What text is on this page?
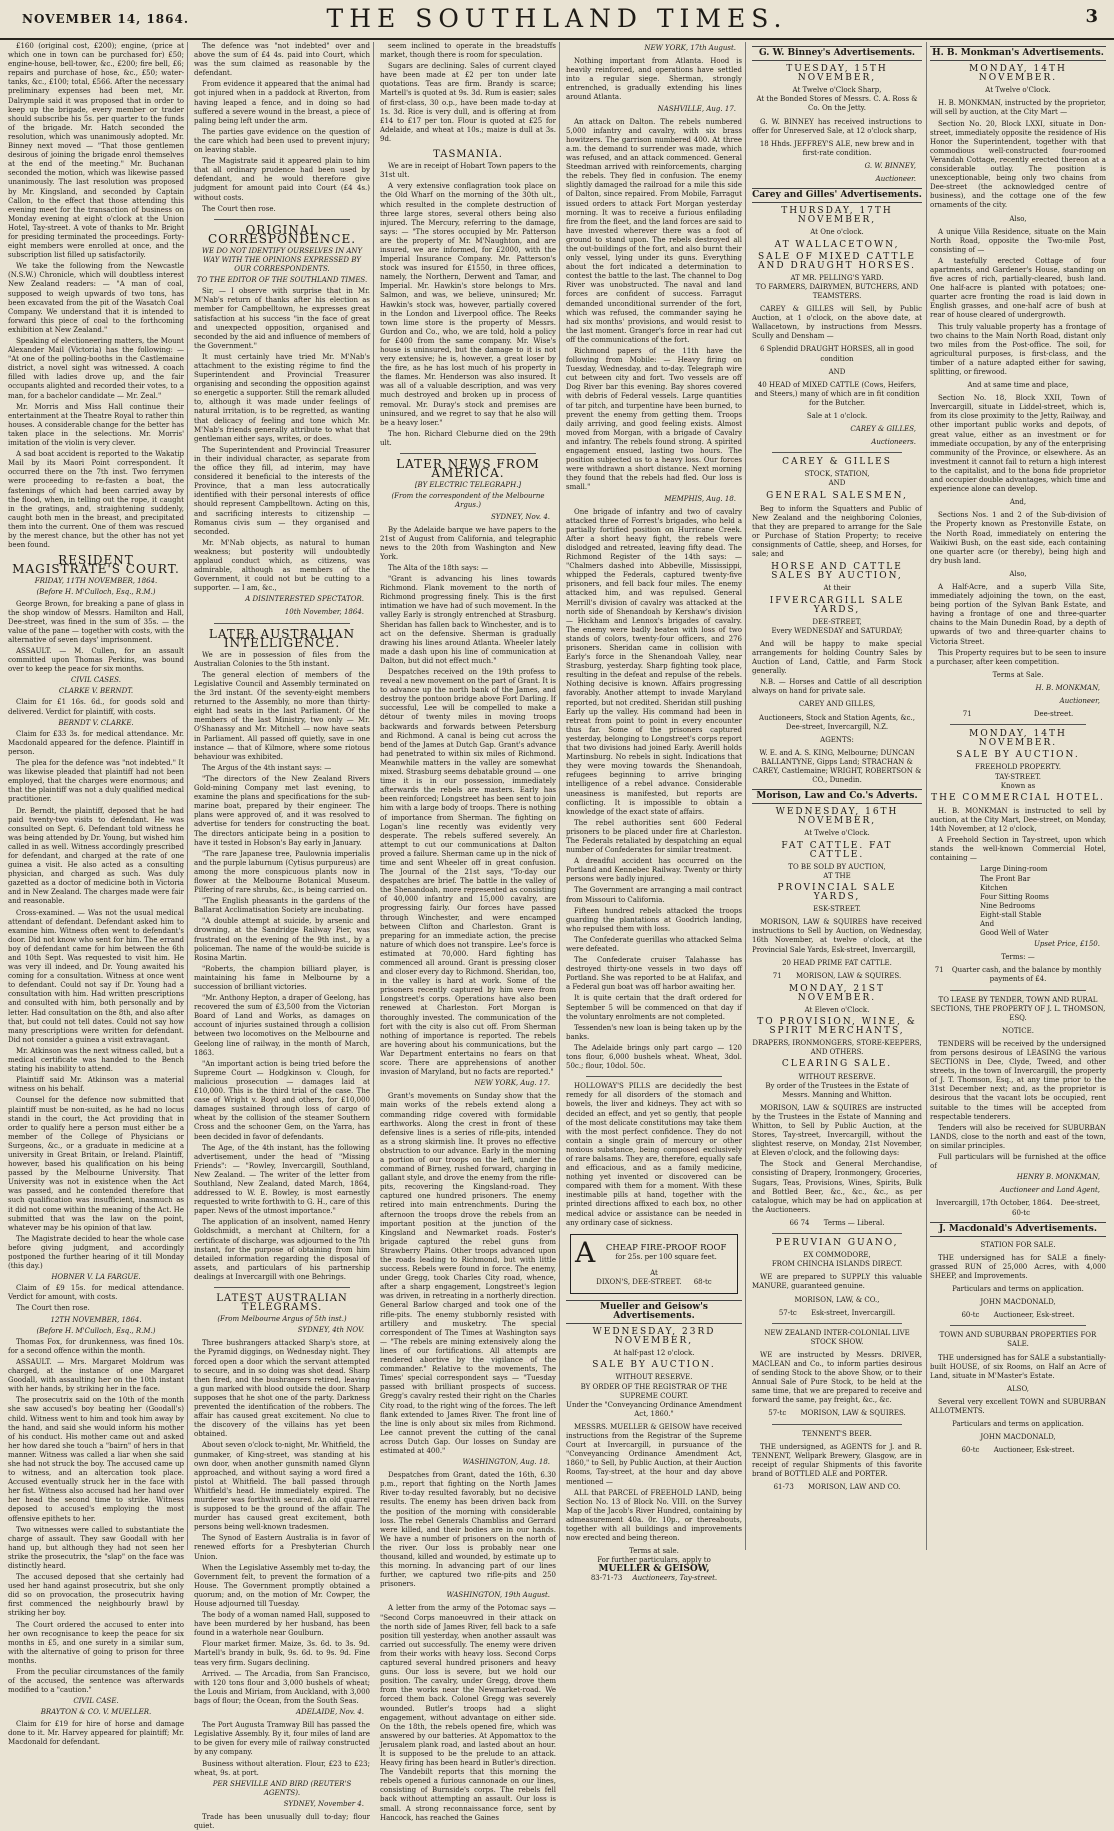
NOVEMBER 14, 1864.	THE SOUTHLAND TIMES.	3

£160 (original cost, £200); engine, (price at which one in town can be purchased for) £50; engine-house, bell-tower, &c., £200; fire bell, £6; repairs and purchase of hose, &c., £50; water-tanks, &c., £100; total, £566. After the necessary preliminary expenses had been met, Mr. Dalrymple said it was proposed that in order to keep up the brigade, every member or trader should subscribe his 5s. per quarter to the funds of the brigade. Mr. Hatch seconded the resolution, which was unanimously adopted. Mr. Binney next moved — "That those gentlemen desirous of joining the brigade enrol themselves at the end of the meeting." Mr. Buchanan seconded the motion, which was likewise passed unanimously. The last resolution was proposed by Mr. Kingsland, and seconded by Captain Callon, to the effect that those attending this evening meet for the transaction of business on Monday evening at eight o'clock at the Union Hotel, Tay-street. A vote of thanks to Mr. Bright for presiding terminated the proceedings. Forty-eight members were enrolled at once, and the subscription list filled up satisfactorily.

We take the following from the Newcastle (N.S.W.) Chronicle, which will doubtless interest New Zealand readers: — "A man of coal, supposed to weigh upwards of two tons, has been excavated from the pit of the Wasatch Coal Company. We understand that it is intended to forward this piece of coal to the forthcoming exhibition at New Zealand."

Speaking of electioneering matters, the Mount Alexander Mail (Victoria) has the following: — "At one of the polling-booths in the Castlemaine district, a novel sight was witnessed. A coach filled with ladies drove up, and the fair occupants alighted and recorded their votes, to a man, for a bachelor candidate — Mr. Zeal."

Mr. Morris and Miss Hall continue their entertainment at the Theatre Royal to rather thin houses. A considerable change for the better has taken place in the selections. Mr. Morris' imitation of the violin is very clever.

A sad boat accident is reported to the Wakatip Mail by its Maori Point correspondent. It occurred there on the 7th inst. Two ferrymen were proceeding to re-fasten a boat, the fastenings of which had been carried away by the flood, when, in telling out the rope, it caught in the gratings, and, straightening suddenly, caught both men in the breast, and precipitated them into the current. One of them was rescued by the merest chance, but the other has not yet been found.

RESIDENT MAGISTRATE'S COURT.
FRIDAY, 11TH NOVEMBER, 1864.
(Before H. M'Culloch, Esq., R.M.)

George Brown, for breaking a pane of glass in the shop window of Messrs. Hamilton and Hall, Dee-street, was fined in the sum of 35s. — the value of the pane — together with costs, with the alternative of seven days' imprisonment.

ASSAULT. — M. Cullen, for an assault committed upon Thomas Perkins, was bound over to keep the peace for six months.

CIVIL CASES.
CLARKE V. BERNDT.

Claim for £1 16s. 6d., for goods sold and delivered. Verdict for plaintiff, with costs.

BERNDT V. CLARKE.

Claim for £33 3s. for medical attendance. Mr. Macdonald appeared for the defence. Plaintiff in person.

The plea for the defence was "not indebted." It was likewise pleaded that plaintiff had not been employed, that the charges were enormous; and that the plaintiff was not a duly qualified medical practitioner.

Dr. Berndt, the plaintiff, deposed that he had paid twenty-two visits to defendant. He was consulted on Sept. 6. Defendant told witness he was being attended by Dr. Young, but wished him called in as well. Witness accordingly prescribed for defendant, and charged at the rate of one guinea a visit. He also acted as a consulting physician, and charged as such. Was duly gazetted as a doctor of medicine both in Victoria and in New Zealand. The charges made were fair and reasonable.

Cross-examined. — Was not the usual medical attendant of defendant. Defendant asked him to examine him. Witness often went to defendant's door. Did not know who sent for him. The errand boy of defendant came for him between the 6th and 10th Sept. Was requested to visit him. He was very ill indeed, and Dr. Young awaited his coming for a consultation. Witness at once went to defendant. Could not say if Dr. Young had a consultation with him. Had written prescriptions and consulted with him, both personally and by letter. Had consultation on the 8th, and also after that, but could not tell dates. Could not say how many prescriptions were written for defendant. Did not consider a guinea a visit extravagant.

Mr. Atkinson was the next witness called, but a medical certificate was handed to the Bench stating his inability to attend.

Plaintiff said Mr. Atkinson was a material witness on his behalf.

Counsel for the defence now submitted that plaintiff must be non-suited, as he had no locus standi in the court, the Act providing that in order to qualify here a person must either be a member of the College of Physicians or Surgeons, &c., or a graduate in medicine at a university in Great Britain, or Ireland. Plaintiff, however, based his qualification on his being passed by the Melbourne University. That University was not in existence when the Act was passed, and he contended therefore that such qualification was insufficient, inasmuch as it did not come within the meaning of the Act. He submitted that was the law on the point, whatever may be his opinion of that law.

The Magistrate decided to hear the whole case before giving judgment, and accordingly postponed the further hearing of it till Monday (this day.)

HOBNER V. LA FARGUE.

Claim of £9 15s. for medical attendance. Verdict for amount, with costs.

The Court then rose.

12TH NOVEMBER, 1864.
(Before H. M'Culloch, Esq., R.M.)

Thomas Fox, for drunkenness, was fined 10s. for a second offence within the month.

ASSAULT. — Mrs. Margaret Moldrum was charged, at the instance of one Margaret Goodall, with assaulting her on the 10th instant with her hands, by striking her in the face.

The prosecutrix said on the 10th of the month she saw accused's boy beating her (Goodall's) child. Witness went to him and took him away by the hand, and said she would inform his mother of his conduct. His mother came out and asked her how dared she touch a "bairn" of hers in that manner. Witness was called a liar when she said she had not struck the boy. The accused came up to witness, and an altercation took place. Accused eventually struck her in the face with her fist. Witness also accused had her hand over her head the second time to strike. Witness deposed to accused's employing the most offensive epithets to her.

Two witnesses were called to substantiate the charge of assault. They saw Goodall with her hand up, but although they had not seen her strike the prosecutrix, the "slap" on the face was distinctly heard.

The accused deposed that she certainly had used her hand against prosecutrix, but she only did so on provocation, the prosecutrix having first commenced the neighbourly brawl by striking her boy.

The Court ordered the accused to enter into her own recognisance to keep the peace for six months in £5, and one surety in a similar sum, with the alternative of going to prison for three months.

From the peculiar circumstances of the family of the accused, the sentence was afterwards modified to a "caution."

CIVIL CASE.
BRAYTON & CO. V. MUELLER.

Claim for £19 for hire of horse and damage done to it. Mr. Harvey appeared for plaintiff; Mr. Macdonald for defendant.

The defence was "not indebted" over and above the sum of £4 4s. paid into Court, which was the sum claimed as reasonable by the defendant.

From evidence it appeared that the animal had got injured when in a paddock at Riverton, from having leaped a fence, and in doing so had suffered a severe wound in the breast, a piece of paling being left under the arm.

The parties gave evidence on the question of the care which had been used to prevent injury; on leaving stable.

The Magistrate said it appeared plain to him that all ordinary prudence had been used by defendant, and he would therefore give judgment for amount paid into Court (£4 4s.) without costs.

The Court then rose.

ORIGINAL CORRESPONDENCE.
WE DO NOT IDENTIFY OURSELVES IN ANY WAY WITH THE OPINIONS EXPRESSED BY OUR CORRESPONDENTS.
TO THE EDITOR OF THE SOUTHLAND TIMES.

Sir, — I observe with surprise that in Mr. M'Nab's return of thanks after his election as member for Campbelltown, he expresses great satisfaction at his success "in the face of great and unexpected opposition, organised and seconded by the aid and influence of members of the Government."

It must certainly have tried Mr. M'Nab's attachment to the existing régime to find the Superintendent and Provincial Treasurer organising and seconding the opposition against so energetic a supporter. Still the remark alluded to, although it was made under feelings of natural irritation, is to be regretted, as wanting that delicacy of feeling and tone which Mr. M'Nab's friends generally attribute to what that gentleman either says, writes, or does.

The Superintendent and Provincial Treasurer in their individual character, as separate from the office they fill, ad interim, may have considered it beneficial to the interests of the Province, that a man less autocratically identified with their personal interests of office should represent Campbelltown. Acting on this, and sacrificing interests to citizenship — Romanus civis sum — they organised and seconded.

Mr. M'Nab objects, as natural to human weakness; but posterity will undoubtedly applaud conduct which, as citizens, was admirable, although as members of the Government, it could not but be cutting to a supporter. — I am, &c.,

A DISINTERESTED SPECTATOR.
10th November, 1864.
LATER AUSTRALIAN INTELLIGENCE.

We are in possession of files from the Australian Colonies to the 5th instant.

The general election of members of the Legislative Council and Assembly terminated on the 3rd instant. Of the seventy-eight members returned to the Assembly, no more than thirty-eight had seats in the last Parliament. Of the members of the last Ministry, two only — Mr. O'Shanassy and Mr. Mitchell — now have seats in Parliament. All passed off quietly, save in one instance — that of Kilmore, where some riotous behaviour was exhibited.

The Argus of the 4th instant says: —

"The directors of the New Zealand Rivers Gold-mining Company met last evening, to examine the plans and specifications for the sub-marine boat, prepared by their engineer. The plans were approved of, and it was resolved to advertise for tenders for constructing the boat. The directors anticipate being in a position to have it tested in Hobson's Bay early in January.

"The rare Japanese tree, Paulownia imperialis and the purple laburnum (Cytisus purpureus) are among the more conspicuous plants now in flower at the Melbourne Botanical Museum. Pilfering of rare shrubs, &c., is being carried on.

"The English pheasants in the gardens of the Ballarat Acclimatisation Society are incubating.

"A double attempt at suicide, by arsenic and drowning, at the Sandridge Railway Pier, was frustrated on the evening of the 9th inst., by a policeman. The name of the would-be suicide is Rosina Martin.

"Roberts, the champion billiard player, is maintaining his fame in Melbourne by a succession of brilliant victories.

"Mr. Anthony Hepton, a draper of Geelong, has recovered the sum of £3,500 from the Victorian Board of Land and Works, as damages on account of injuries sustained through a collision between two locomotives on the Melbourne and Geelong line of railway, in the month of March, 1863.

"An important action is being tried before the Supreme Court — Hodgkinson v. Clough, for malicious prosecution — damages laid at £10,000. This is the third trial of the case. The case of Wright v. Boyd and others, for £10,000 damages sustained through loss of cargo of wheat by the collision of the steamer Southern Cross and the schooner Gem, on the Yarra, has been decided in favor of defendants.

The Age, of the 4th instant, has the following advertisement, under the head of "Missing Friends": — "Rowley, Invercargill, Southland, New Zealand. — The writer of the letter from Southland, New Zealand, dated March, 1864, addressed to W. E. Bowley, is most earnestly requested to write forthwith to G. H., care of this paper. News of the utmost importance."

The application of an insolvent, named Henry Goldschmidt, a merchant at Chiltern, for a certificate of discharge, was adjourned to the 7th instant, for the purpose of obtaining from him detailed information regarding the disposal of assets, and particulars of his partnership dealings at Invercargill with one Behrings.

LATEST AUSTRALIAN TELEGRAMS.
(From Melbourne Argus of 5th inst.)
SYDNEY, 4th NOV.

Three bushrangers attacked Sharp's store, at the Pyramid diggings, on Wednesday night. They forced open a door which the servant attempted to secure, and in so doing was shot dead. Sharp then fired, and the bushrangers retired, leaving a gun marked with blood outside the door. Sharp supposes that he shot one of the party. Darkness prevented the identification of the robbers. The affair has caused great excitement. No clue to the discovery of the villains has yet been obtained.

About seven o'clock to-night, Mr. Whitfield, the gunmaker, of King-street, was standing at his own door, when another gunsmith named Glynn approached, and without saying a word fired a pistol at Whitfield. The ball passed through Whitfield's head. He immediately expired. The murderer was forthwith secured. An old quarrel is supposed to be the ground of the affair. The murder has caused great excitement, both persons being well-known tradesmen.

The Synod of Eastern Australia is in favor of renewed efforts for a Presbyterian Church Union.

When the Legislative Assembly met to-day, the Government felt, to prevent the formation of a House. The Government promptly obtained a quorum; and, on the motion of Mr. Cowper, the House adjourned till Tuesday.

The body of a woman named Hall, supposed to have been murdered by her husband, has been found in a waterhole near Goulburn.

Flour market firmer. Maize, 3s. 6d. to 3s. 9d. Martell's brandy in bulk, 9s. 6d. to 9s. 9d. Fine teas very firm. Sugars declining.

Arrived. — The Arcadia, from San Francisco, with 120 tons flour and 3,000 bushels of wheat; the Louis and Miriam, from Auckland, with 3,000 bags of flour; the Ocean, from the South Seas.

ADELAIDE, Nov. 4.

The Port Augusta Tramway Bill has passed the Legislative Assembly. By it, four miles of land are to be given for every mile of railway constructed by any company.

Business without alteration. Flour, £23 to £23; wheat, 9s. at port.

PER SHEVILLE AND BIRD (REUTER'S AGENTS).
SYDNEY, November 4.

Trade has been unusually dull to-day; flour quiet.

seem inclined to operate in the breadstuffs market, though there is room for speculation.

Sugars are declining. Sales of current clayed have been made at £2 per ton under late quotations. Teas are firm. Brandy is scarce; Martell's is quoted at 9s. 3d. Rum is easier; sales of first-class, 30 o.p., have been made to-day at 1s. 3d. Rice is very dull, and is offering at from £14 to £17 per ton. Flour is quoted at £25 for Adelaide, and wheat at 10s.; maize is dull at 3s. 9d.

TASMANIA.

We are in receipt of Hobart Town papers to the 31st ult.

A very extensive conflagration took place on the Old Wharf on the morning of the 30th ult., which resulted in the complete destruction of three large stores, several others being also injured. The Mercury, referring to the damage, says: — "The stores occupied by Mr. Patterson are the property of Mr. M'Naughton, and are insured, we are informed, for £2000, with the Imperial Insurance Company. Mr. Patterson's stock was insured for £1550, in three offices, namely, the Northern, Derwent and Tamar, and Imperial. Mr. Hawkin's store belongs to Mrs. Salmon, and was, we believe, uninsured; Mr. Hawkin's stock was, however, partially covered in the London and Liverpool office. The Reeks town lime store is the property of Messrs. Gurdon and Co., who, we are told, hold a policy for £400 from the same company. Mr. Wise's house is uninsured, but the damage to it is not very extensive; he is, however, a great loser by the fire, as he has lost much of his property in the flames. Mr. Henderson was also insured. It was all of a valuable description, and was very much destroyed and broken up in process of removal. Mr. Duray's stock and premises are uninsured, and we regret to say that he also will be a heavy loser."

The hon. Richard Cleburne died on the 29th ult.

LATER NEWS FROM AMERICA.
[BY ELECTRIC TELEGRAPH.]
(From the correspondent of the Melbourne Argus.)
SYDNEY, Nov. 4.

By the Adelaide barque we have papers to the 21st of August from California, and telegraphic news to the 20th from Washington and New York.

The Alta of the 18th says: —

"Grant is advancing his lines towards Richmond. Flank movement to the north of Richmond progressing finely. This is the first intimation we have had of such movement. In the valley Early is strongly entrenched at Strasburg. Sheridan has fallen back to Winchester, and is to act on the defensive. Sherman is gradually drawing his lines around Atlanta. Wheeler lately made a dash upon his line of communication at Dalton, but did not effect much."

Despatches received on the 19th profess to reveal a new movement on the part of Grant. It is to advance up the north bank of the James, and destroy the pontoon bridge above Fort Darling. If successful, Lee will be compelled to make a détour of twenty miles in moving troops backwards and forwards between Petersburg and Richmond. A canal is being cut across the bend of the James at Dutch Gap. Grant's advance had penetrated to within six miles of Richmond. Meanwhile matters in the valley are somewhat mixed. Strasburg seems debatable ground — one time it is in our possession, immediately afterwards the rebels are masters. Early has been reinforced; Longstreet has been sent to join him with a large body of troops. There is nothing of importance from Sherman. The fighting on Logan's line recently was evidently very desperate. The rebels suffered severely. An attempt to cut our communications at Dalton proved a failure. Sherman came up in the nick of time and sent Wheeler off in great confusion. The Journal of the 21st says, "To-day our despatches are brief. The battle in the valley of the Shenandoah, more represented as consisting of 40,000 infantry and 15,000 cavalry, are progressing fairly. Our forces have passed through Winchester, and were encamped between Clifton and Charleston. Grant is preparing for an immediate action, the precise nature of which does not transpire. Lee's force is estimated at 70,000. Hard fighting has commenced all around. Grant is pressing closer and closer every day to Richmond. Sheridan, too, in the valley is hard at work. Some of the prisoners recently captured by him were from Longstreet's corps. Operations have also been renewed at Charleston. Fort Morgan is thoroughly invested. The communication of the fort with the city is also cut off. From Sherman nothing of importance is reported. The rebels are hovering about his communications, but the War Department entertains no fears on that score. There are apprehensions of another invasion of Maryland, but no facts are reported."

NEW YORK, Aug. 17.

Grant's movements on Sunday show that the main works of the rebels extend along a commanding ridge covered with formidable earthworks. Along the crest in front of these defensive lines is a series of rifle-pits, intended as a strong skirmish line. It proves no effective obstruction to our advance. Early in the morning a portion of our troops on the left, under the command of Birney, rushed forward, charging in gallant style, and drove the enemy from the rifle-pits, recovering the Kingsland-road. They captured one hundred prisoners. The enemy retired into main entrenchments. During the afternoon the troops drove the rebels from an important position at the junction of the Kingsland and Newmarket roads. Foster's brigade captured the rebel guns from Strawberry Plains. Other troops advanced upon the roads leading to Richmond, but with little success. Rebels were found in force. The enemy, under Gregg, took Charles City road, whence, after a sharp engagement, Longstreet's legion was driven, in retreating in a northerly direction. General Barlow charged and took one of the rifle-pits. The enemy stubbornly resisted with artillery and musketry. The special correspondent of The Times at Washington says — "The rebels are mining extensively along the lines of our fortifications. All attempts are rendered abortive by the vigilance of the commander." Relative to the movements, The Times' special correspondent says — "Tuesday passed with brilliant prospects of success. Gregg's cavalry rested their right on the Charles City road, to the right wing of the forces. The left flank extended to James River. The front line of the line is only about six miles from Richmond. Lee cannot prevent the cutting of the canal across Dutch Gap. Our losses on Sunday are estimated at 400."

WASHINGTON, Aug. 18.

Despatches from Grant, dated the 16th, 6.30 p.m., report that fighting on the North James River to-day resulted favorably, but no decisive results. The enemy has been driven back from the position of the morning with considerable loss. The rebel Generals Chambliss and Gerrard were killed, and their bodies are in our hands. We have a number of prisoners on the north of the river. Our loss is probably near one thousand, killed and wounded, by estimate up to this morning. In advancing part of our lines further, we captured two rifle-pits and 250 prisoners.

WASHINGTON, 19th August.

A letter from the army of the Potomac says — "Second Corps manoeuvred in their attack on the north side of James River, fell back to a safe position till yesterday, when another assault was carried out successfully. The enemy were driven from their works with heavy loss. Second Corps captured several hundred prisoners and heavy guns. Our loss is severe, but we hold our position. The cavalry, under Gregg, drove them from the works near the Newmarket-road. We forced them back. Colonel Gregg was severely wounded. Butler's troops had a slight engagement, without advantage on either side. On the 18th, the rebels opened fire, which was answered by our batteries. At Appomattox to the Jerusalem plank road, and lasted about an hour. It is supposed to be the prelude to an attack. Heavy firing has been heard in Butler's direction. The Vandebilt reports that this morning the rebels opened a furious cannonade on our lines, consisting of Burnside's corps. The rebels fell back without attempting an assault. Our loss is small. A strong reconnaissance force, sent by Hancock, has reached the Gaines

NEW YORK, 17th August.

Nothing important from Atlanta. Hood is heavily reinforced, and operations have settled into a regular siege. Sherman, strongly entrenched, is gradually extending his lines around Atlanta.

NASHVILLE, Aug. 17.

An attack on Dalton. The rebels numbered 5,000 infantry and cavalry, with six brass howitzers. The garrison numbered 400. At three a.m. the demand to surrender was made, which was refused, and an attack commenced. General Steedman arrived with reinforcements, charging the rebels. They fled in confusion. The enemy slightly damaged the railroad for a mile this side of Dalton, since repaired. From Mobile, Farragut issued orders to attack Fort Morgan yesterday morning. It was to receive a furious enfilading fire from the fleet, and the land forces are said to have invested wherever there was a foot of ground to stand upon. The rebels destroyed all the out-buildings of the fort, and also burnt their only vessel, lying under its guns. Everything about the fort indicated a determination to contest the battle to the last. The channel to Dog River was unobstructed. The naval and land forces are confident of success. Farragut demanded unconditional surrender of the fort, which was refused, the commander saying he had six months' provisions, and would resist to the last moment. Granger's force in rear had cut off the communications of the fort.

Richmond papers of the 11th have the following from Mobile: — Heavy firing on Tuesday, Wednesday, and to-day. Telegraph wire cut between city and fort. Two vessels are off Dog River bar this evening. Bay shores covered with debris of Federal vessels. Large quantities of tar pitch, and turpentine have been burned, to prevent the enemy from getting them. Troops daily arriving, and good feeling exists. Almost moved from Morgan, with a brigade of Cavalry and infantry. The rebels found strong. A spirited engagement ensued, lasting two hours. The position subjected us to a heavy loss. Our forces were withdrawn a short distance. Next morning they found that the rebels had fled. Our loss is small."

MEMPHIS, Aug. 18.

One brigade of infantry and two of cavalry attacked three of Forrest's brigades, who held a partially fortified position on Hurricane Creek. After a short heavy fight, the rebels were dislodged and retreated, leaving fifty dead. The Richmond Register of the 14th says: — "Chalmers dashed into Abbeville, Mississippi, whipped the Federals, captured twenty-five prisoners, and fell back four miles. The enemy attacked him, and was repulsed. General Merrill's division of cavalry was attacked at the north side of Shenandoah by Kershaw's division — Hickham and Lennox's brigades of cavalry. The enemy were badly beaten with loss of two stands of colors, twenty-four officers, and 276 prisoners. Sheridan came in collision with Early's force in the Shenandoah Valley, near Strasburg, yesterday. Sharp fighting took place, resulting in the defeat and repulse of the rebels. Nothing decisive is known. Affairs progressing favorably. Another attempt to invade Maryland reported, but not credited. Sheridan still pushing Early up the valley. His command had been in retreat from point to point in every encounter thus far. Some of the prisoners captured yesterday, belonging to Longstreet's corps report that two divisions had joined Early. Averill holds Martinsburg. No rebels in sight. Indications that they were moving towards the Shenandoah, refugees beginning to arrive bringing intelligence of a rebel advance. Considerable uneasiness is manifested, but reports are conflicting. It is impossible to obtain a knowledge of the exact state of affairs.

The rebel authorities sent 600 Federal prisoners to be placed under fire at Charleston. The Federals retaliated by despatching an equal number of Confederates for similar treatment.

A dreadful accident has occurred on the Portland and Kennebec Railway. Twenty or thirty persons were badly injured.

The Government are arranging a mail contract from Missouri to California.

Fifteen hundred rebels attacked the troops guarding the plantations at Goodrich landing, who repulsed them with loss.

The Confederate guerillas who attacked Selma were defeated.

The Confederate cruiser Talahasse has destroyed thirty-one vessels in two days off Portland. She was reported to be at Halifax, and a Federal gun boat was off harbor awaiting her.

It is quite certain that the draft ordered for September 5 will be commenced on that day if the voluntary enrolments are not completed.

Tessenden's new loan is being taken up by the banks.

The Adelaide brings only part cargo — 120 tons flour, 6,000 bushels wheat. Wheat, 3dol. 50c.; flour, 10dol. 50c.

HOLLOWAY'S PILLS are decidedly the best remedy for all disorders of the stomach and bowels, the liver and kidneys. They act with so decided an effect, and yet so gently, that people of the most delicate constitutions may take them with the most perfect confidence. They do not contain a single grain of mercury or other noxious substance, being composed exclusively of rare balsams. They are, therefore, equally safe and efficacious, and as a family medicine, nothing yet invented or discovered can be compared with them for a moment. With these inestimable pills at hand, together with the printed directions affixed to each box, no other medical advice or assistance can be needed in any ordinary case of sickness.

A	CHEAP FIRE-PROOF ROOF
for 25s. per 100 square feet.
At
DIXON'S, DEE-STREET. 68-tc
Mueller and Geisow's Advertisements.
WEDNESDAY, 23RD NOVEMBER,
At half-past 12 o'clock.
SALE BY AUCTION.
WITHOUT RESERVE.
BY ORDER OF THE REGISTRAR OF THE SUPREME COURT.
Under the "Conveyancing Ordinance Amendment Act, 1860."

MESSRS. MUELLER & GEISOW have received instructions from the Registrar of the Supreme Court at Invercargill, in pursuance of the "Conveyancing Ordinance Amendment Act, 1860," to Sell, by Public Auction, at their Auction Rooms, Tay-street, at the hour and day above mentioned —

ALL that PARCEL of FREEHOLD LAND, being Section No. 13 of Block No. VIII. on the Survey Map of the Jacob's River Hundred, containing by admeasurement 40a. 0r. 10p., or thereabouts, together with all buildings and improvements now erected and being thereon.

Terms at sale.
For further particulars, apply to
MUELLER & GEISOW,
83-71-73 Auctioneers, Tay-street.
G. W. Binney's Advertisements.
TUESDAY, 15TH NOVEMBER,
At Twelve o'Clock Sharp,
At the Bonded Stores of Messrs. C. A. Ross & Co. On the Jetty.

G. W. BINNEY has received instructions to offer for Unreserved Sale, at 12 o'clock sharp,

18 Hhds. JEFFREY'S ALE, new brew and in first-rate condition.
G. W. BINNEY,
Auctioneer.
Carey and Gilles' Advertisements.
THURSDAY, 17TH NOVEMBER,
At One o'clock.
AT WALLACETOWN,
SALE OF MIXED CATTLE AND DRAUGHT HORSES.
AT MR. PELLING'S YARD.
TO FARMERS, DAIRYMEN, BUTCHERS, AND TEAMSTERS.

CAREY & GILLES will Sell, by Public Auction, at 1 o'clock, on the above date, at Wallacetown, by instructions from Messrs. Scully and Densham —

6 Splendid DRAUGHT HORSES, all in good condition
AND
40 HEAD of MIXED CATTLE (Cows, Heifers, and Steers,) many of which are in fit condition for the Butcher.
Sale at 1 o'clock.
CAREY & GILLES,
Auctioneers.
CAREY & GILLES
STOCK, STATION,
AND
GENERAL SALESMEN,

Beg to inform the Squatters and Public of New Zealand and the neighboring Colonies, that they are prepared to arrange for the Sale or Purchase of Station Property; to receive consignments of Cattle, sheep, and Horses, for sale; and

HORSE AND CATTLE SALES BY AUCTION,
At their
IFVERCARGILL SALE YARDS,
DEE-STREET,
Every WEDNESDAY and SATURDAY;

And will be happy to make special arrangements for holding Country Sales by Auction of Land, Cattle, and Farm Stock generally.

N.B. — Horses and Cattle of all description always on hand for private sale.

CAREY AND GILLES,
Auctioneers, Stock and Station Agents, &c., Dee-street, Invercargill, N.Z.
AGENTS:
W. E. and A. S. KING, Melbourne; DUNCAN BALLANTYNE, Gipps Land; STRACHAN & CAREY, Castlemaine; WRIGHT, ROBERTSON & CO., Dunedin.
Morison, Law and Co.'s Adverts.
WEDNESDAY, 16TH NOVEMBER,
At Twelve o'Clock.
FAT CATTLE. FAT CATTLE.
TO BE SOLD BY AUCTION,
AT THE
PROVINCIAL SALE YARDS,
ESK-STREET.

MORISON, LAW & SQUIRES have received instructions to Sell by Auction, on Wednesday, 16th November, at twelve o'clock, at the Provincial Sale Yards, Esk-street, Invercargill,

20 HEAD PRIME FAT CATTLE.
71 MORISON, LAW & SQUIRES.
MONDAY, 21ST NOVEMBER.
At Eleven o'Clock.
TO PROVISION, WINE, & SPIRIT MERCHANTS,
DRAPERS, IRONMONGERS, STORE-KEEPERS, AND OTHERS.
CLEARING SALE.
WITHOUT RESERVE.
By order of the Trustees in the Estate of Messrs. Manning and Whitton.

MORISON, LAW & SQUIRES are instructed by the Trustees in the Estate of Manning and Whitton, to Sell by Public Auction, at the Stores, Tay-street, Invercargill, without the slightest reserve, on Monday, 21st November, at Eleven o'clock, and the following days:

The Stock and General Merchandise, consisting of Drapery, Ironmongery, Groceries, Sugars, Teas, Provisions, Wines, Spirits, Bulk and Bottled Beer, &c., &c., &c., as per catalogue, which may be had on application at the Auctioneers.

66 74 Terms — Liberal.
PERUVIAN GUANO,
EX COMMODORE,
FROM CHINCHA ISLANDS DIRECT.

WE are prepared to SUPPLY this valuable MANURE, guaranteed genuine.

MORISON, LAW, & CO.,
57-tc Esk-street, Invercargill.
NEW ZEALAND INTER-COLONIAL LIVE STOCK SHOW.

WE are instructed by Messrs. DRIVER, MACLEAN and Co., to inform parties desirous of sending Stock to the above Show, or to their Annual Sale of Pure Stock, to be held at the same time, that we are prepared to receive and forward the same, pay freight, &c., &c.

57-tc MORISON, LAW & SQUIRES.
TENNENT'S BEER.

THE undersigned, as AGENTS for J. and R. TENNENT, Wellpark Brewery, Glasgow, are in receipt of regular Shipments of this favorite brand of BOTTLED ALE and PORTER.

61-73 MORISON, LAW AND CO.
H. B. Monkman's Advertisements.
MONDAY, 14TH NOVEMBER.
At Twelve o'Clock.

H. B. MONKMAN, instructed by the proprietor, will sell by auction, at the City Mart —

Section No. 20, Block LXXI, situate in Don-street, immediately opposite the residence of His Honor the Superintendent, together with that commodious well-constructed four-roomed Verandah Cottage, recently erected thereon at a considerable outlay. The position is unexceptionable, being only two chains from Dee-street (the acknowledged centre of business), and the cottage one of the few ornaments of the city.

Also,

A unique Villa Residence, situate on the Main North Road, opposite the Two-mile Post, consisting of —

A tastefully erected Cottage of four apartments, and Gardener's House, standing on five acres of rich, partially-cleared, bush land. One half-acre is planted with potatoes; one-quarter acre fronting the road is laid down in English grasses, and one-half acre of bush at rear of house cleared of undergrowth.

This truly valuable property has a frontage of two chains to the Main North Road, distant only two miles from the Post-office. The soil, for agricultural purposes, is first-class, and the timber of a nature adapted either for sawing, splitting, or firewood.

And at same time and place,

Section No. 18, Block XXII, Town of Invercargill, situate in Liddel-street, which is, from its close proximity to the Jetty, Railway, and other important public works and depots, of great value, either as an investment or for immediate occupation, by any of the enterprising community of the Province, or elsewhere. As an investment it cannot fail to return a high interest to the capitalist, and to the bona fide proprietor and occupier double advantages, which time and experience alone can develop.

And,

Sections Nos. 1 and 2 of the Sub-division of the Property known as Prestonville Estate, on the North Road, immediately on entering the Waikiwi Bush, on the east side, each containing one quarter acre (or thereby), being high and dry bush land.

Also,

A Half-Acre, and a superb Villa Site, immediately adjoining the town, on the east, being portion of the Sylvan Bank Estate, and having a frontage of one and three-quarter chains to the Main Dunedin Road, by a depth of upwards of two and three-quarter chains to Victoria Street.

This Property requires but to be seen to insure a purchaser, after keen competition.

Terms at Sale.
H. B. MONKMAN,
Auctioneer,
71	Dee-street.
MONDAY, 14TH NOVEMBER.
SALE BY AUCTION.
FREEHOLD PROPERTY.
TAY-STREET.
Known as
THE COMMERCIAL HOTEL.

H. B. MONKMAN is instructed to sell by auction, at the City Mart, Dee-street, on Monday, 14th November, at 12 o'clock,

A Freehold Section in Tay-street, upon which stands the well-known Commercial Hotel, containing —

Large Dining-room
The Front Bar
Kitchen
Four Sitting Rooms
Nine Bedrooms
Eight-stall Stable
And
Good Well of Water
Upset Price, £150.
Terms: —
71 Quarter cash, and the balance by monthly payments of £4.
TO LEASE BY TENDER, TOWN AND RURAL SECTIONS, THE PROPERTY OF J. L. THOMSON, ESQ.
NOTICE.

TENDERS will be received by the undersigned from persons desirous of LEASING the various SECTIONS in Dee, Clyde, Tweed, and other streets, in the town of Invercargill, the property of J. T. Thomson, Esq., at any time prior to the 31st December next; and, as the proprietor is desirous that the vacant lots be occupied, rent suitable to the times will be accepted from respectable tenderers.

Tenders will also be received for SUBURBAN LANDS, close to the north and east of the town, on similar principles.

Full particulars will be furnished at the office of

HENRY B. MONKMAN,
Auctioneer and Land Agent,
Invercargill, 17th October, 1864. Dee-street, 60-tc
J. Macdonald's Advertisements.
STATION FOR SALE.

THE undersigned has for SALE a finely-grassed RUN of 25,000 Acres, with 4,000 SHEEP, and Improvements.

Particulars and terms on application.
JOHN MACDONALD,
60-tc Auctioneer, Esk-street.
TOWN AND SUBURBAN PROPERTIES FOR SALE.

THE undersigned has for SALE a substantially-built HOUSE, of six Rooms, on Half an Acre of Land, situate in M'Master's Estate.

ALSO,

Several very excellent TOWN and SUBURBAN ALLOTMENTS.

Particulars and terms on application.
JOHN MACDONALD,
60-tc Auctioneer, Esk-street.
